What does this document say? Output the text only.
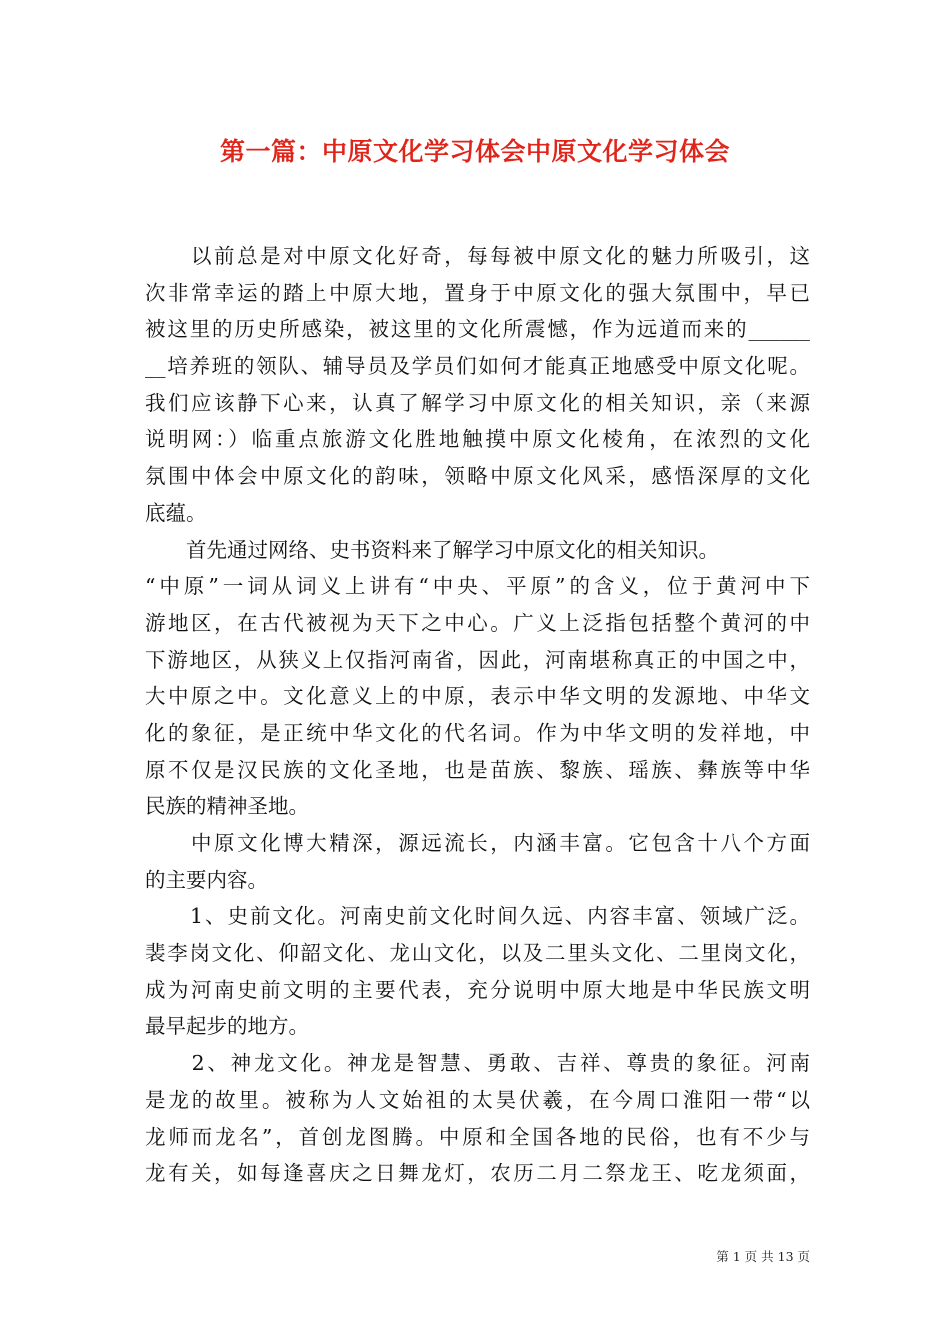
第一篇：中原文化学习体会中原文化学习体会
　　以前总是对中原文化好奇，每每被中原文化的魅力所吸引，这
次非常幸运的踏上中原大地，置身于中原文化的强大氛围中，早已
被这里的历史所感染，被这里的文化所震憾，作为远道而来的______
__培养班的领队、辅导员及学员们如何才能真正地感受中原文化呢。
我们应该静下心来，认真了解学习中原文化的相关知识，亲（来源
说明网：）临重点旅游文化胜地触摸中原文化棱角，在浓烈的文化
氛围中体会中原文化的韵味，领略中原文化风采，感悟深厚的文化
底蕴。
　　首先通过网络、史书资料来了解学习中原文化的相关知识。
“中原”一词从词义上讲有“中央、平原”的含义，位于黄河中下
游地区，在古代被视为天下之中心。广义上泛指包括整个黄河的中
下游地区，从狭义上仅指河南省，因此，河南堪称真正的中国之中，
大中原之中。文化意义上的中原，表示中华文明的发源地、中华文
化的象征，是正统中华文化的代名词。作为中华文明的发祥地，中
原不仅是汉民族的文化圣地，也是苗族、黎族、瑶族、彝族等中华
民族的精神圣地。
　　中原文化博大精深，源远流长，内涵丰富。它包含十八个方面
的主要内容。
　　1、史前文化。河南史前文化时间久远、内容丰富、领域广泛。
裴李岗文化、仰韶文化、龙山文化，以及二里头文化、二里岗文化，
成为河南史前文明的主要代表，充分说明中原大地是中华民族文明
最早起步的地方。
　　2、神龙文化。神龙是智慧、勇敢、吉祥、尊贵的象征。河南
是龙的故里。被称为人文始祖的太昊伏羲，在今周口淮阳一带“以
龙师而龙名”，首创龙图腾。中原和全国各地的民俗，也有不少与
龙有关，如每逢喜庆之日舞龙灯，农历二月二祭龙王、吃龙须面，
第 1 页 共 13 页
